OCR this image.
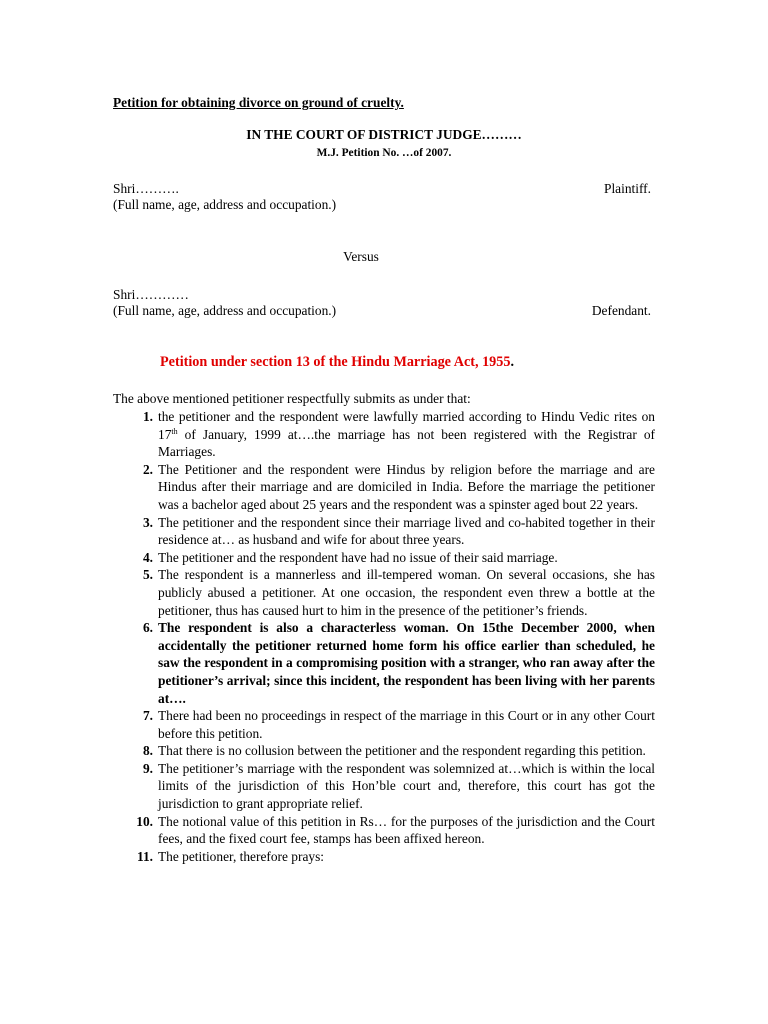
Petition for obtaining divorce on ground of cruelty.
IN THE COURT OF DISTRICT JUDGE………
M.J. Petition No. …of 2007.
Shri……….	Plaintiff.
(Full name, age, address and occupation.)
Versus
Shri…………
(Full name, age, address and occupation.)	Defendant.
Petition under section 13 of the Hindu Marriage Act, 1955.
The above mentioned petitioner respectfully submits as under that:
1. the petitioner and the respondent were lawfully married according to Hindu Vedic rites on 17th of January, 1999 at….the marriage has not been registered with the Registrar of Marriages.
2. The Petitioner and the respondent were Hindus by religion before the marriage and are Hindus after their marriage and are domiciled in India. Before the marriage the petitioner was a bachelor aged about 25 years and the respondent was a spinster aged bout 22 years.
3. The petitioner and the respondent since their marriage lived and co-habited together in their residence at… as husband and wife for about three years.
4. The petitioner and the respondent have had no issue of their said marriage.
5. The respondent is a mannerless and ill-tempered woman. On several occasions, she has publicly abused a petitioner. At one occasion, the respondent even threw a bottle at the petitioner, thus has caused hurt to him in the presence of the petitioner’s friends.
6. The respondent is also a characterless woman. On 15the December 2000, when accidentally the petitioner returned home form his office earlier than scheduled, he saw the respondent in a compromising position with a stranger, who ran away after the petitioner’s arrival; since this incident, the respondent has been living with her parents at….
7. There had been no proceedings in respect of the marriage in this Court or in any other Court before this petition.
8. That there is no collusion between the petitioner and the respondent regarding this petition.
9. The petitioner’s marriage with the respondent was solemnized at…which is within the local limits of the jurisdiction of this Hon’ble court and, therefore, this court has got the jurisdiction to grant appropriate relief.
10. The notional value of this petition in Rs… for the purposes of the jurisdiction and the Court fees, and the fixed court fee, stamps has been affixed hereon.
11. The petitioner, therefore prays:
